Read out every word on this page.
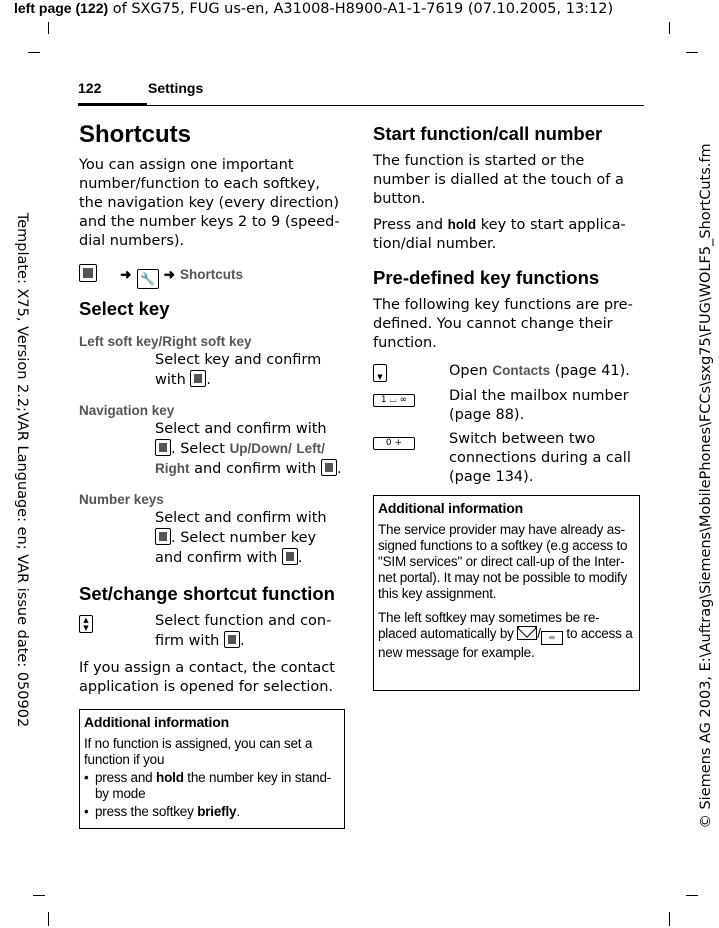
left page (122) of SXG75, FUG us-en, A31008-H8900-A1-1-7619 (07.10.2005, 13:12)
Template: X75, Version 2.2;VAR Language: en; VAR issue date: 050902	© Siemens AG 2003, E:\Auftrag\Siemens\MobilePhones\FCCs\sxg75\FUG\WOLF5_ShortCuts.fm
122	Settings
Shortcuts

You can assign one important number/function to each softkey, the navigation key (every direction) and the number keys 2 to 9 (speed-dial numbers).

➜ 🔧 ➜ Shortcuts
Select key
Left soft key/Right soft key
Select key and confirm with .
Navigation key
Select and confirm with . Select Up/Down/ Left/ Right and confirm with .
Number keys
Select and confirm with . Select number key and confirm with .
Set/change shortcut function
▲
▼	Select function and con-firm with .

If you assign a contact, the contact application is opened for selection.

Additional information
If no function is assigned, you can set a function if you
• press and hold the number key in stand-by mode
• press the softkey briefly.
Start function/call number

The function is started or the number is dialled at the touch of a button.

Press and hold key to start applica-tion/dial number.

Pre-defined key functions

The following key functions are pre-defined. You cannot change their function.

▼	Open Contacts (page 41).
1 ⌴ ∞	Dial the mailbox number (page 88).
0 +	Switch between two connections during a call (page 134).
Additional information
The service provider may have already as-signed functions to a softkey (e.g access to "SIM services" or direct call-up of the Inter-net portal). It may not be possible to modify this key assignment.
The left softkey may sometimes be re-placed automatically by / ∞ to access a new message for example.
